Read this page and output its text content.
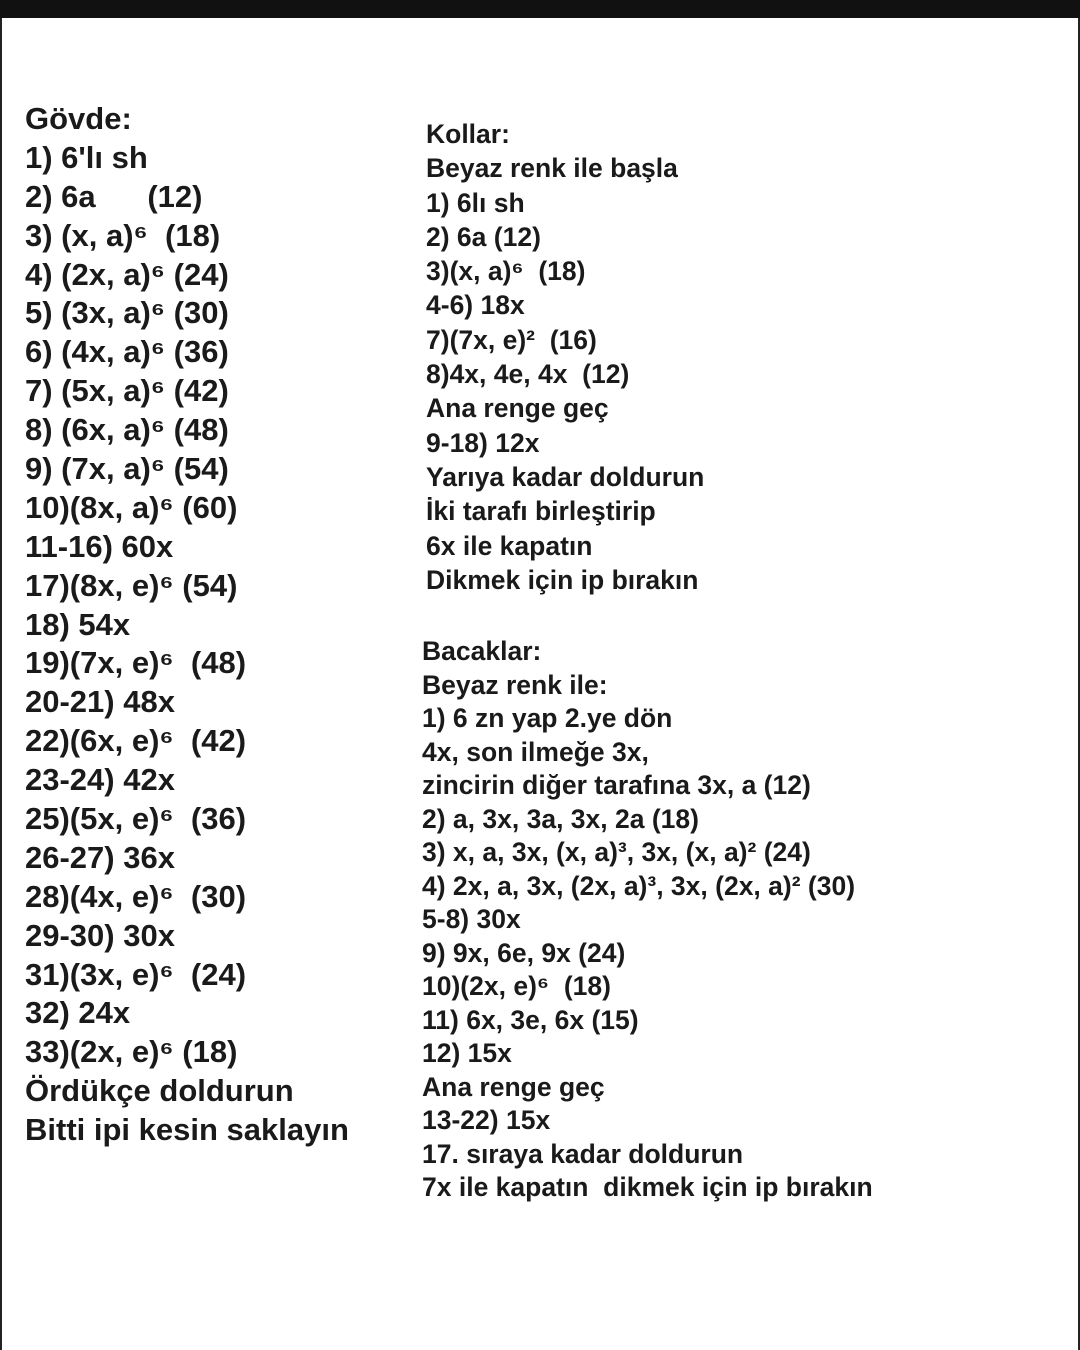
Gövde:
1) 6'lı sh
2) 6a      (12)
3) (x, a)⁶  (18)
4) (2x, a)⁶ (24)
5) (3x, a)⁶ (30)
6) (4x, a)⁶ (36)
7) (5x, a)⁶ (42)
8) (6x, a)⁶ (48)
9) (7x, a)⁶ (54)
10)(8x, a)⁶ (60)
11-16) 60x
17)(8x, e)⁶ (54)
18) 54x
19)(7x, e)⁶  (48)
20-21) 48x
22)(6x, e)⁶  (42)
23-24) 42x
25)(5x, e)⁶  (36)
26-27) 36x
28)(4x, e)⁶  (30)
29-30) 30x
31)(3x, e)⁶  (24)
32) 24x
33)(2x, e)⁶ (18)
Ördükçe doldurun
Bitti ipi kesin saklayın
Kollar:
Beyaz renk ile başla
1) 6lı sh
2) 6a (12)
3)(x, a)⁶  (18)
4-6) 18x
7)(7x, e)²  (16)
8)4x, 4e, 4x  (12)
Ana renge geç
9-18) 12x
Yarıya kadar doldurun
İki tarafı birleştirip
6x ile kapatın
Dikmek için ip bırakın
Bacaklar:
Beyaz renk ile:
1) 6 zn yap 2.ye dön
4x, son ilmeğe 3x,
zincirin diğer tarafına 3x, a (12)
2) a, 3x, 3a, 3x, 2a (18)
3) x, a, 3x, (x, a)³, 3x, (x, a)² (24)
4) 2x, a, 3x, (2x, a)³, 3x, (2x, a)² (30)
5-8) 30x
9) 9x, 6e, 9x (24)
10)(2x, e)⁶  (18)
11) 6x, 3e, 6x (15)
12) 15x
Ana renge geç
13-22) 15x
17. sıraya kadar doldurun
7x ile kapatın  dikmek için ip bırakın
